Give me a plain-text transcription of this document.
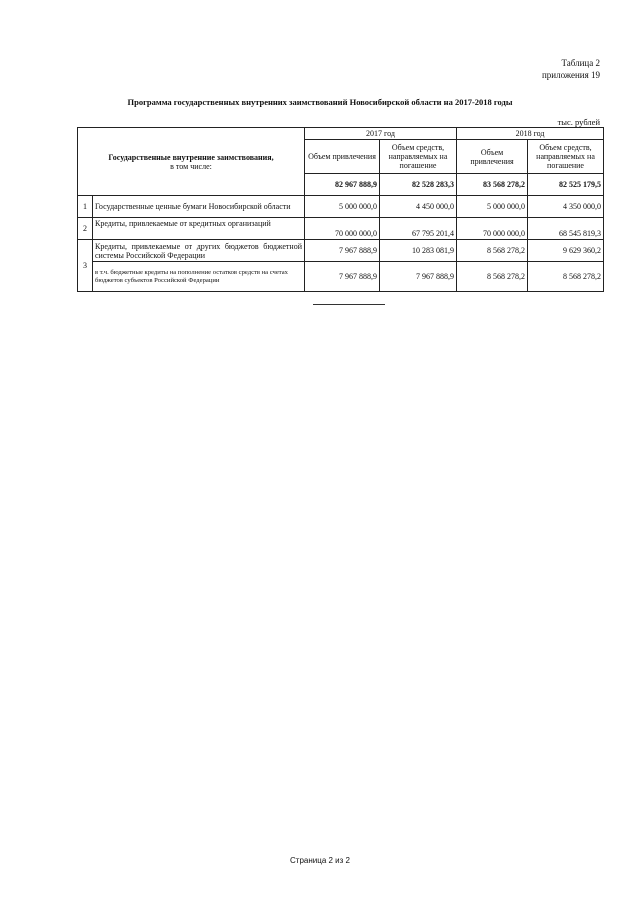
Таблица 2
приложения 19
Программа государственных внутренних заимствований Новосибирской области на 2017-2018 годы
тыс. рублей
Государственные внутренние заимствования,
в том числе:		2017 год		2018 год	
		Объем привлечения	Объем средств, направляемых на погашение	Объем привлечения	Объем средств, направляемых на погашение
		82 967 888,9	82 528 283,3	83 568 278,2	82 525 179,5
1	Государственные ценные бумаги Новосибирской области	5 000 000,0	4 450 000,0	5 000 000,0	4 350 000,0
2	Кредиты, привлекаемые от кредитных организаций	70 000 000,0	67 795 201,4	70 000 000,0	68 545 819,3
3	Кредиты, привлекаемые от других бюджетов бюджетной системы Российской Федерации	7 967 888,9	10 283 081,9	8 568 278,2	9 629 360,2
	в т.ч. бюджетные кредиты на пополнение остатков средств на счетах бюджетов субъектов Российской Федерации	7 967 888,9	7 967 888,9	8 568 278,2	8 568 278,2
Страница 2 из 2
